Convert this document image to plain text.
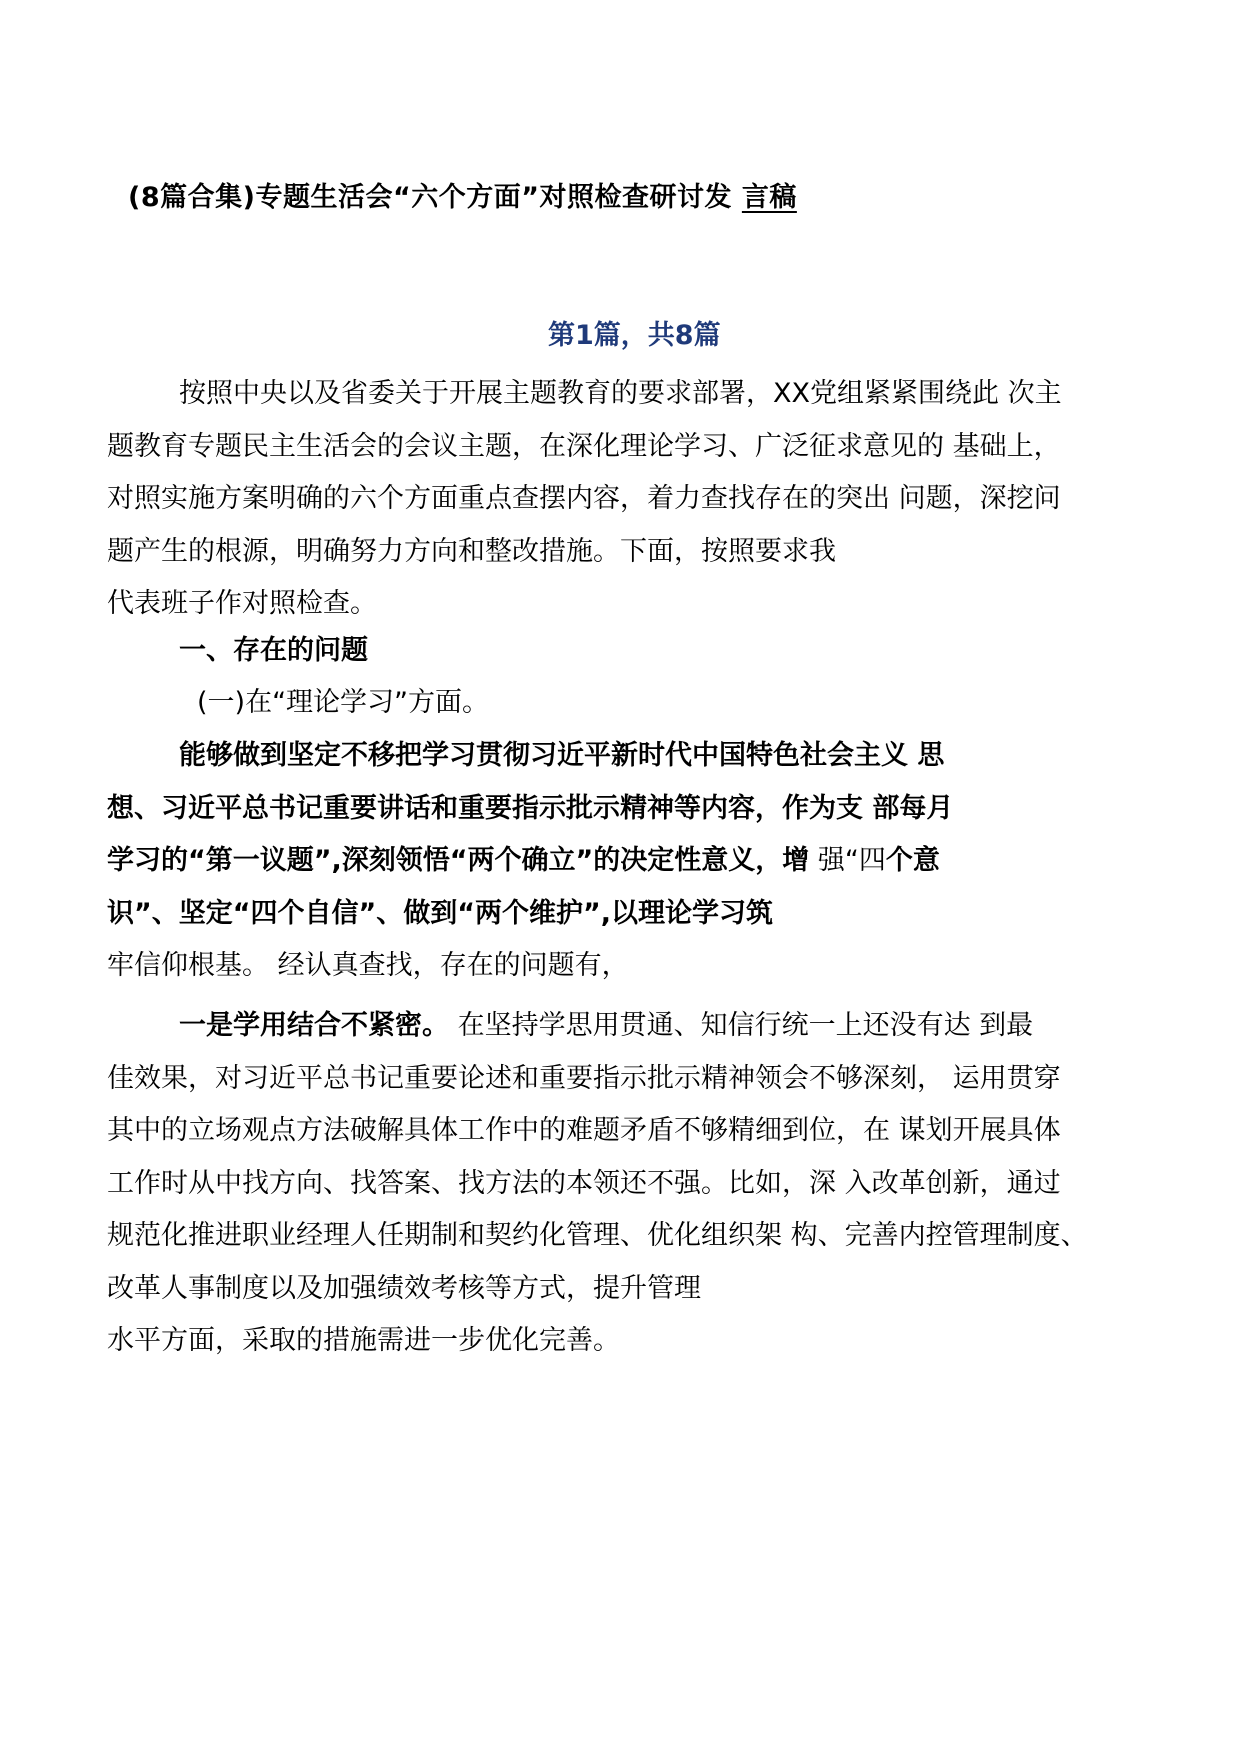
(8篇合集)专题生活会“六个方面”对照检查研讨发 言稿
第1篇，共8篇
按照中央以及省委关于开展主题教育的要求部署，XX党组紧紧围绕此 次主
题教育专题民主生活会的会议主题，在深化理论学习、广泛征求意见的 基础上，
对照实施方案明确的六个方面重点查摆内容，着力查找存在的突出 问题，深挖问
题产生的根源，明确努力方向和整改措施。下面，按照要求我
代表班子作对照检查。
一、存在的问题
(一)在“理论学习”方面。
能够做到坚定不移把学习贯彻习近平新时代中国特色社会主义 思
想、习近平总书记重要讲话和重要指示批示精神等内容，作为支 部每月
学习的“第一议题”,深刻领悟“两个确立”的决定性意义，增 强“四个意
识”、坚定“四个自信”、做到“两个维护”,以理论学习筑
牢信仰根基。 经认真查找，存在的问题有，
一是学用结合不紧密。 在坚持学思用贯通、知信行统一上还没有达 到最
佳效果，对习近平总书记重要论述和重要指示批示精神领会不够深刻， 运用贯穿
其中的立场观点方法破解具体工作中的难题矛盾不够精细到位，在 谋划开展具体
工作时从中找方向、找答案、找方法的本领还不强。比如，深 入改革创新，通过
规范化推进职业经理人任期制和契约化管理、优化组织架 构、完善内控管理制度、
改革人事制度以及加强绩效考核等方式，提升管理
水平方面，采取的措施需进一步优化完善。
